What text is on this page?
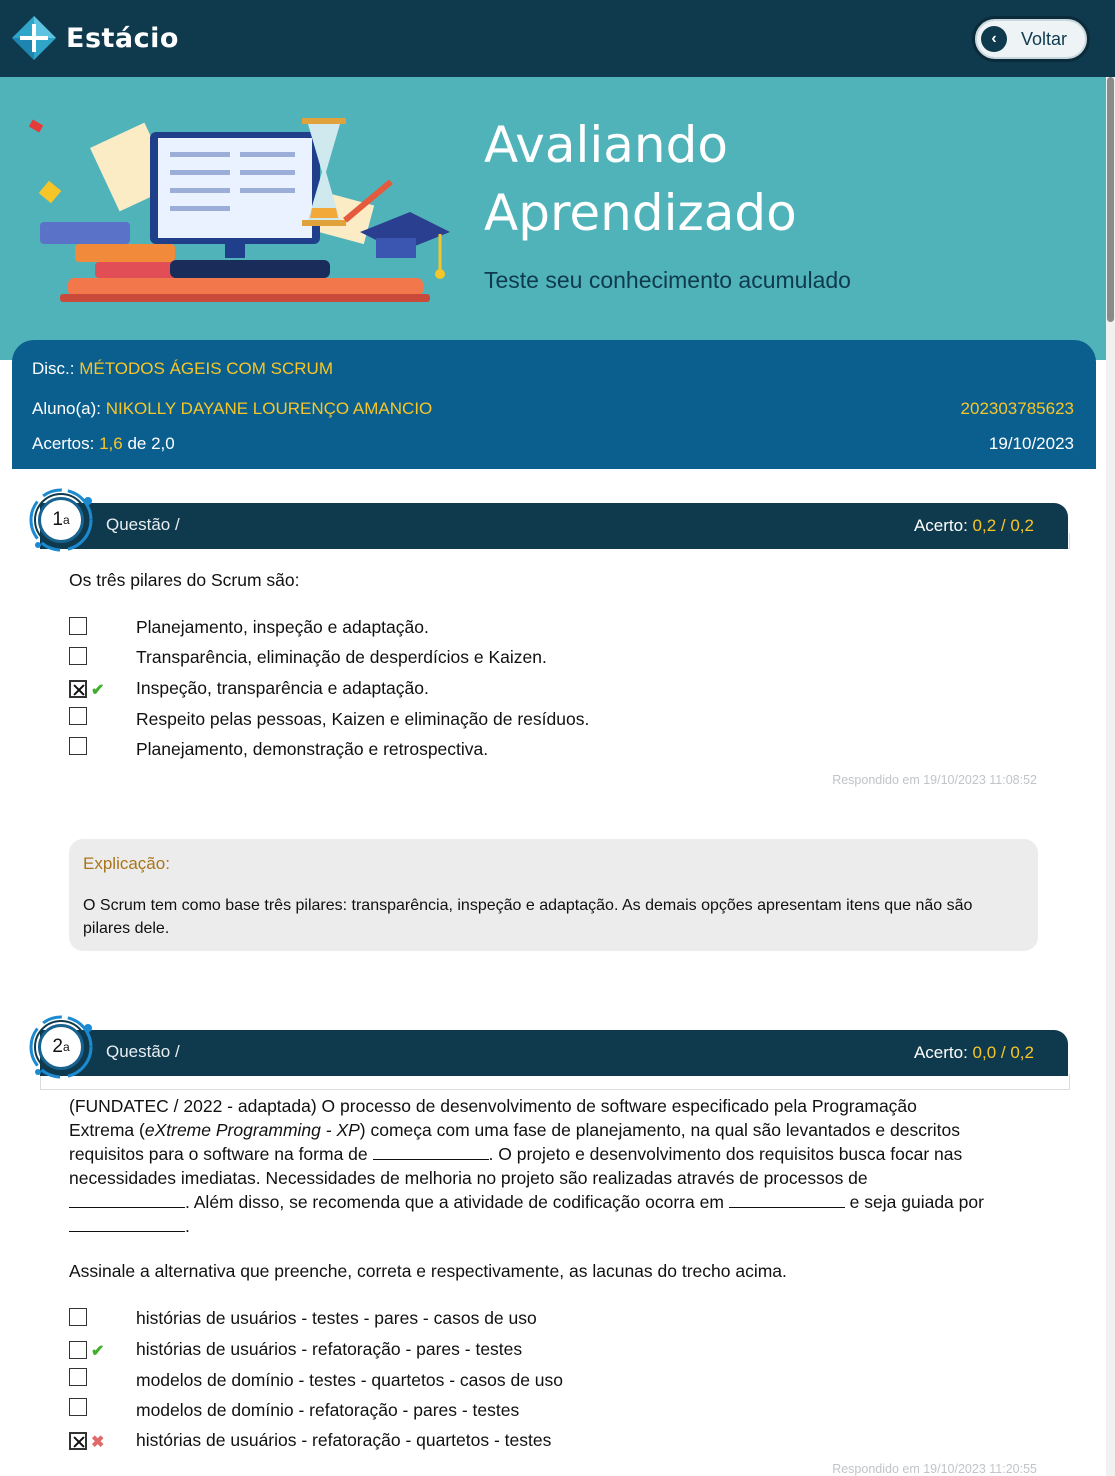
Estácio	‹	Voltar
Avaliando
Aprendizado
Teste seu conhecimento acumulado
Disc.: MÉTODOS ÁGEIS COM SCRUM
Aluno(a): NIKOLLY DAYANE LOURENÇO AMANCIO	202303785623
Acertos: 1,6 de 2,0	19/10/2023
Questão /	Acerto: 0,2 / 0,2
1 a
Os três pilares do Scrum são:
Planejamento, inspeção e adaptação.
Transparência, eliminação de desperdícios e Kaizen.
✔ Inspeção, transparência e adaptação.
Respeito pelas pessoas, Kaizen e eliminação de resíduos.
Planejamento, demonstração e retrospectiva.
Respondido em 19/10/2023 11:08:52
Explicação:
O Scrum tem como base três pilares: transparência, inspeção e adaptação. As demais opções apresentam itens que não são pilares dele.
Questão /	Acerto: 0,0 / 0,2
2 a
(FUNDATEC / 2022 - adaptada) O processo de desenvolvimento de software especificado pela Programação
Extrema (eXtreme Programming - XP) começa com uma fase de planejamento, na qual são levantados e descritos
requisitos para o software na forma de	. O projeto e desenvolvimento dos requisitos busca focar nas
necessidades imediatas. Necessidades de melhoria no projeto são realizadas através de processos de
. Além disso, se recomenda que a atividade de codificação ocorra em	e seja guiada por
.
Assinale a alternativa que preenche, correta e respectivamente, as lacunas do trecho acima.
histórias de usuários - testes - pares - casos de uso
✔ histórias de usuários - refatoração - pares - testes
modelos de domínio - testes - quartetos - casos de uso
modelos de domínio - refatoração - pares - testes
✖ histórias de usuários - refatoração - quartetos - testes
Respondido em 19/10/2023 11:20:55
